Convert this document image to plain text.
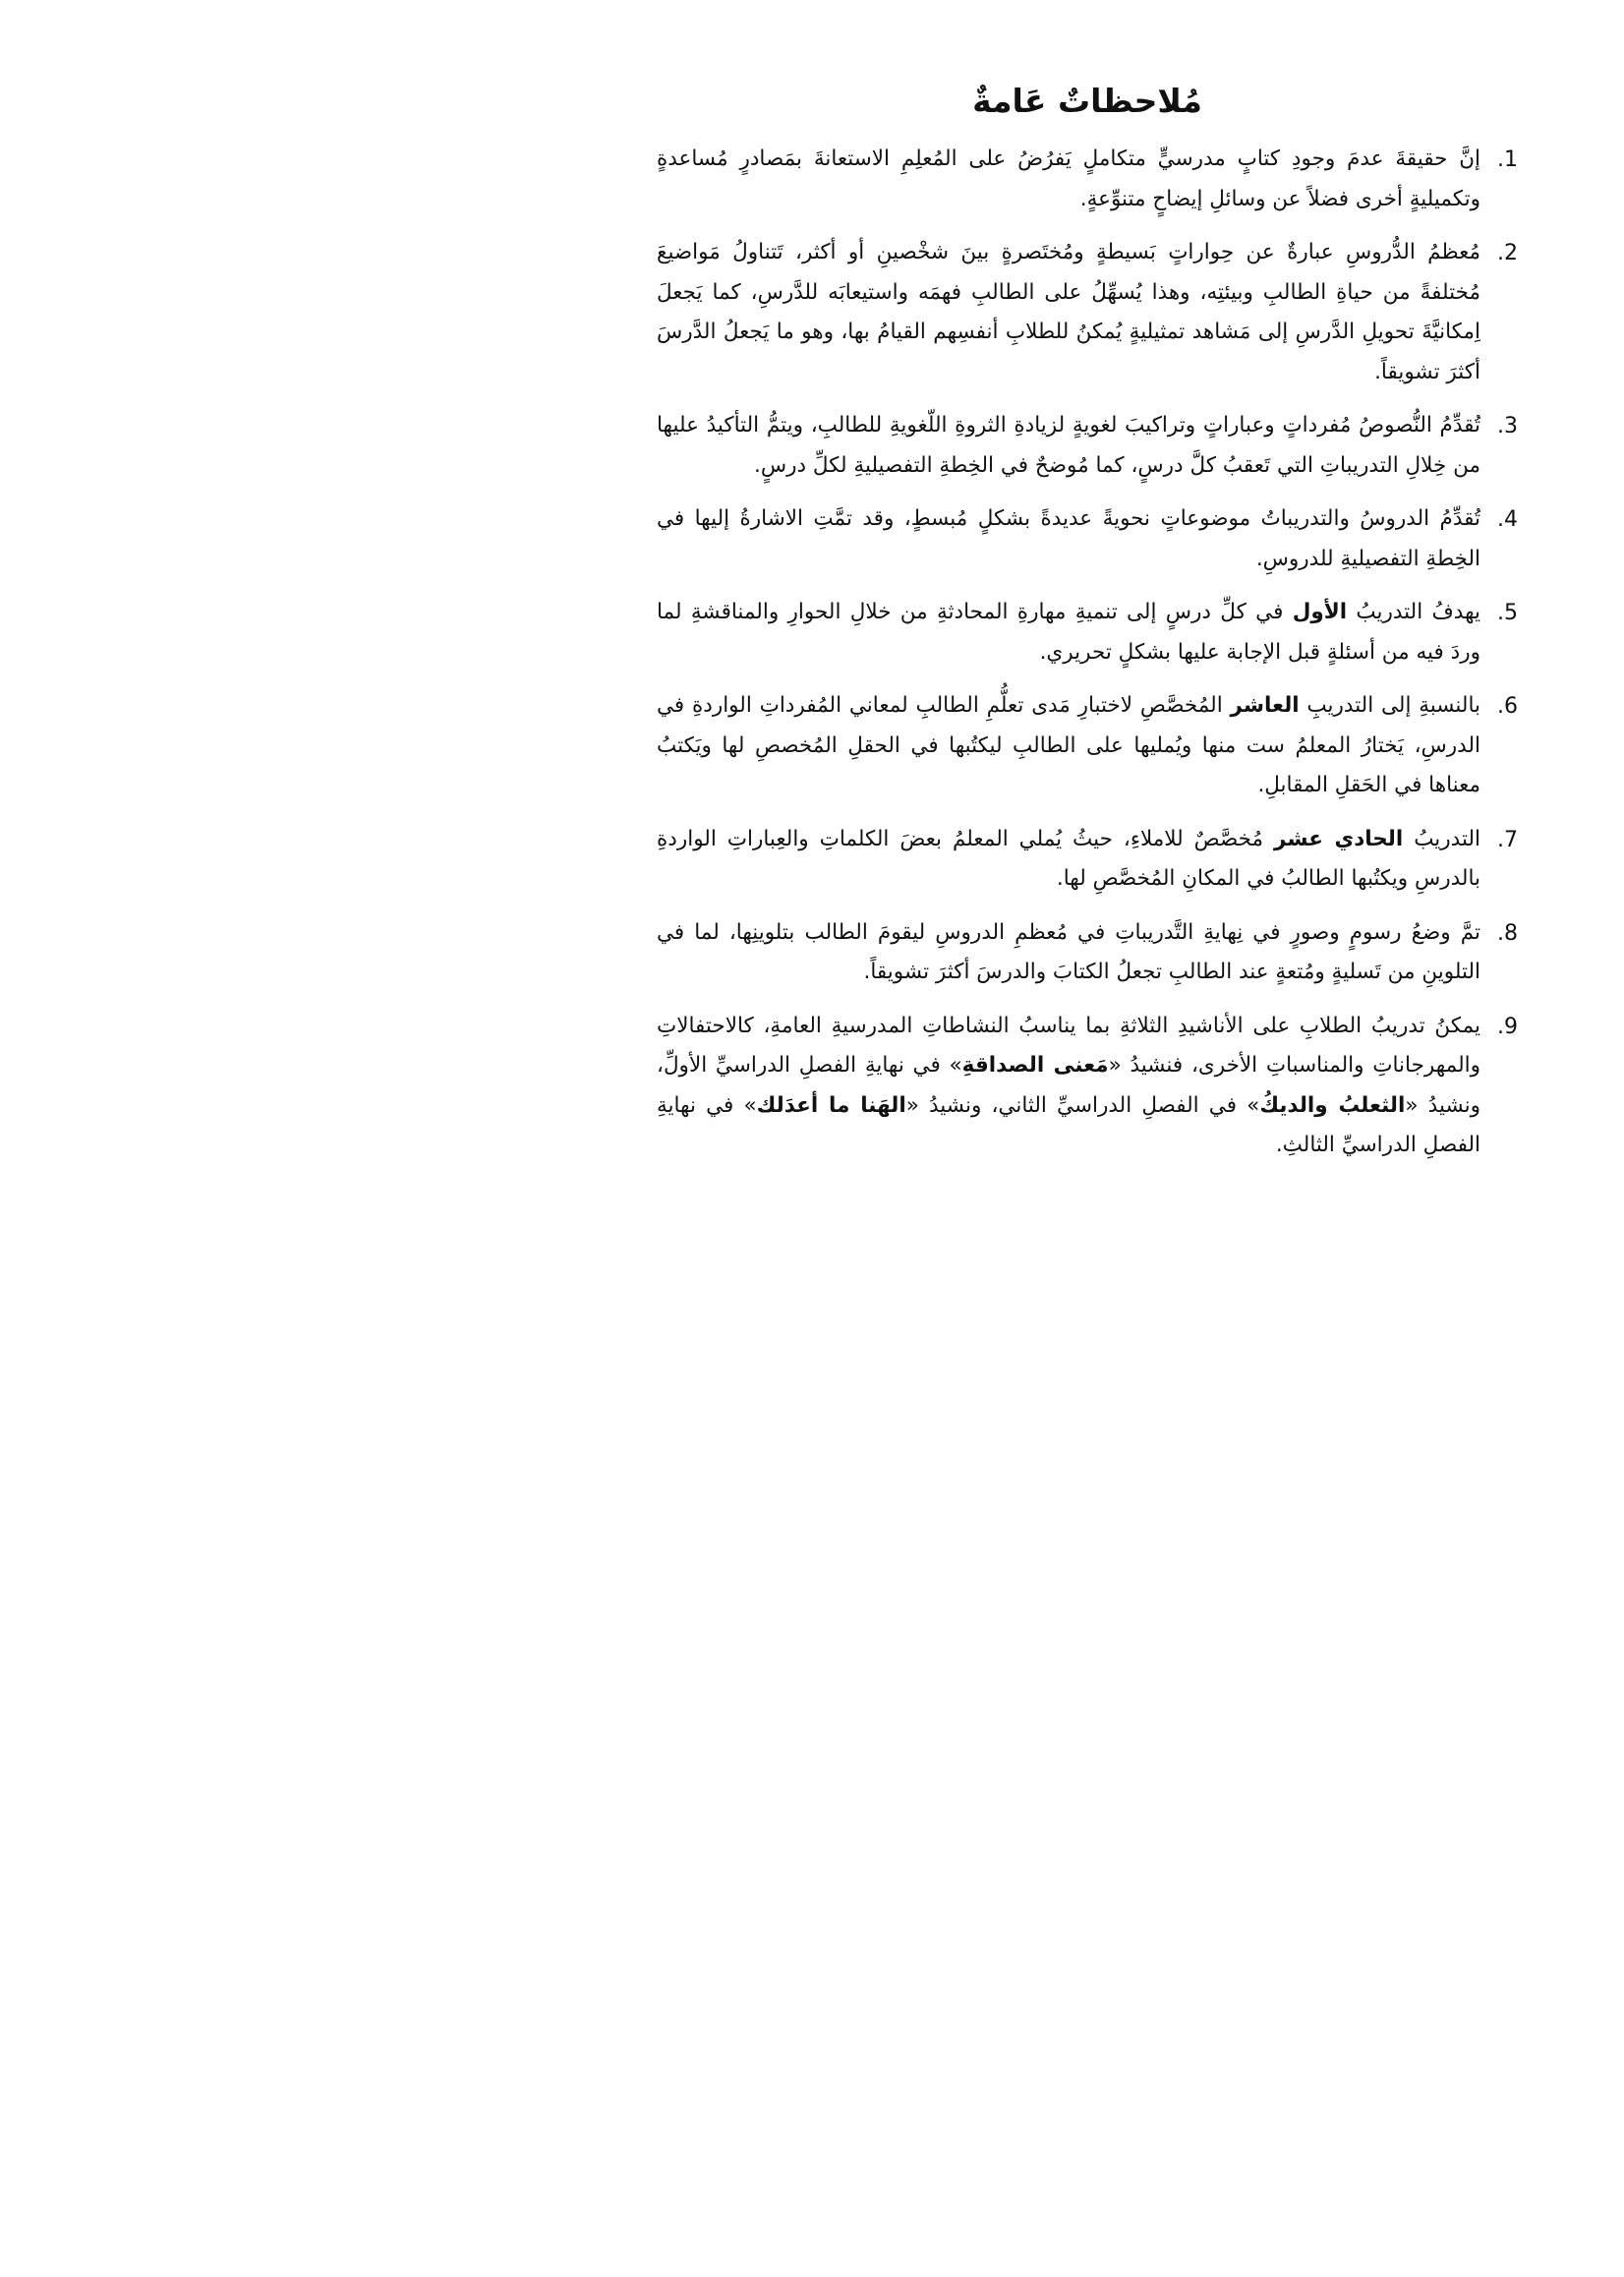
مُلاحظاتٌ عَامةٌ
1.

إنَّ حقيقةَ عدمَ وجودِ كتابٍ مدرسيٍّ متكاملٍ يَفرُضُ على المُعلِمِ الاستعانةَ بمَصادرٍ مُساعدةٍ وتكميليةٍ أخرى فضلاً عن وسائلِ إيضاحٍ متنوِّعةٍ.

2.

مُعظمُ الدُّروسِ عبارةٌ عن حِواراتٍ بَسيطةٍ ومُختَصرةٍ بينَ شخْصينِ أو أكثر، تَتناولُ مَواضيعَ مُختلفةً من حياةِ الطالبِ وبيئتِه، وهذا يُسهِّلُ على الطالبِ فهمَه واستيعابَه للدَّرسِ، كما يَجعلَ اِمكانيَّةَ تحويلِ الدَّرسِ إلى مَشاهد تمثيليةٍ يُمكنُ للطلابِ أنفسِهم القيامُ بها، وهو ما يَجعلُ الدَّرسَ أكثرَ تشويقاً.

3.

تُقدِّمُ النُّصوصُ مُفرداتٍ وعباراتٍ وتراكيبَ لغويةٍ لزيادةِ الثروةِ اللّغويةِ للطالبِ، ويتمُّ التأكيدُ عليها من خِلالِ التدريباتِ التي تَعقبُ كلَّ درسٍ، كما مُوضحٌ في الخِطةِ التفصيليةِ لكلِّ درسٍ.

4.

تُقدِّمُ الدروسُ والتدريباتُ موضوعاتٍ نحويةً عديدةً بشكلٍ مُبسطٍ، وقد تمَّتِ الاشارةُ إليها في الخِطةِ التفصيليةِ للدروسِ.

5.

يهدفُ التدريبُ الأول في كلِّ درسٍ إلى تنميةِ مهارةِ المحادثةِ من خلالِ الحوارِ والمناقشةِ لما وردَ فيه من أسئلةٍ قبل الإجابة عليها بشكلٍ تحريري.

6.

بالنسبةِ إلى التدريبِ العاشر المُخصَّصِ لاختبارِ مَدى تعلُّمِ الطالبِ لمعاني المُفرداتِ الواردةِ في الدرسِ، يَختارُ المعلمُ ست منها ويُمليها على الطالبِ ليكتُبها في الحقلِ المُخصصِ لها ويَكتبُ معناها في الحَقلِ المقابلِ.

7.

التدريبُ الحادي عشر مُخصَّصٌ للاملاءِ، حيثُ يُملي المعلمُ بعضَ الكلماتِ والعِباراتِ الواردةِ بالدرسِ ويكتُبها الطالبُ في المكانِ المُخصَّصِ لها.

8.

تمَّ وضعُ رسومٍ وصورٍ في نِهايةِ التَّدريباتِ في مُعظمِ الدروسِ ليقومَ الطالب بتلوينِها، لما في التلوينِ من تَسليةٍ ومُتعةٍ عند الطالبِ تجعلُ الكتابَ والدرسَ أكثرَ تشويقاً.

9.

يمكنُ تدريبُ الطلابِ على الأناشيدِ الثلاثةِ بما يناسبُ النشاطاتِ المدرسيةِ العامةِ، كالاحتفالاتِ والمهرجاناتِ والمناسباتِ الأخرى، فنشيدُ «مَعنى الصداقةِ» في نهايةِ الفصلِ الدراسيِّ الأولِّ، ونشيدُ «الثعلبُ والديكُ» في الفصلِ الدراسيِّ الثاني، ونشيدُ «الهَنا ما أعدَلك» في نهايةِ الفصلِ الدراسيِّ الثالثِ.
